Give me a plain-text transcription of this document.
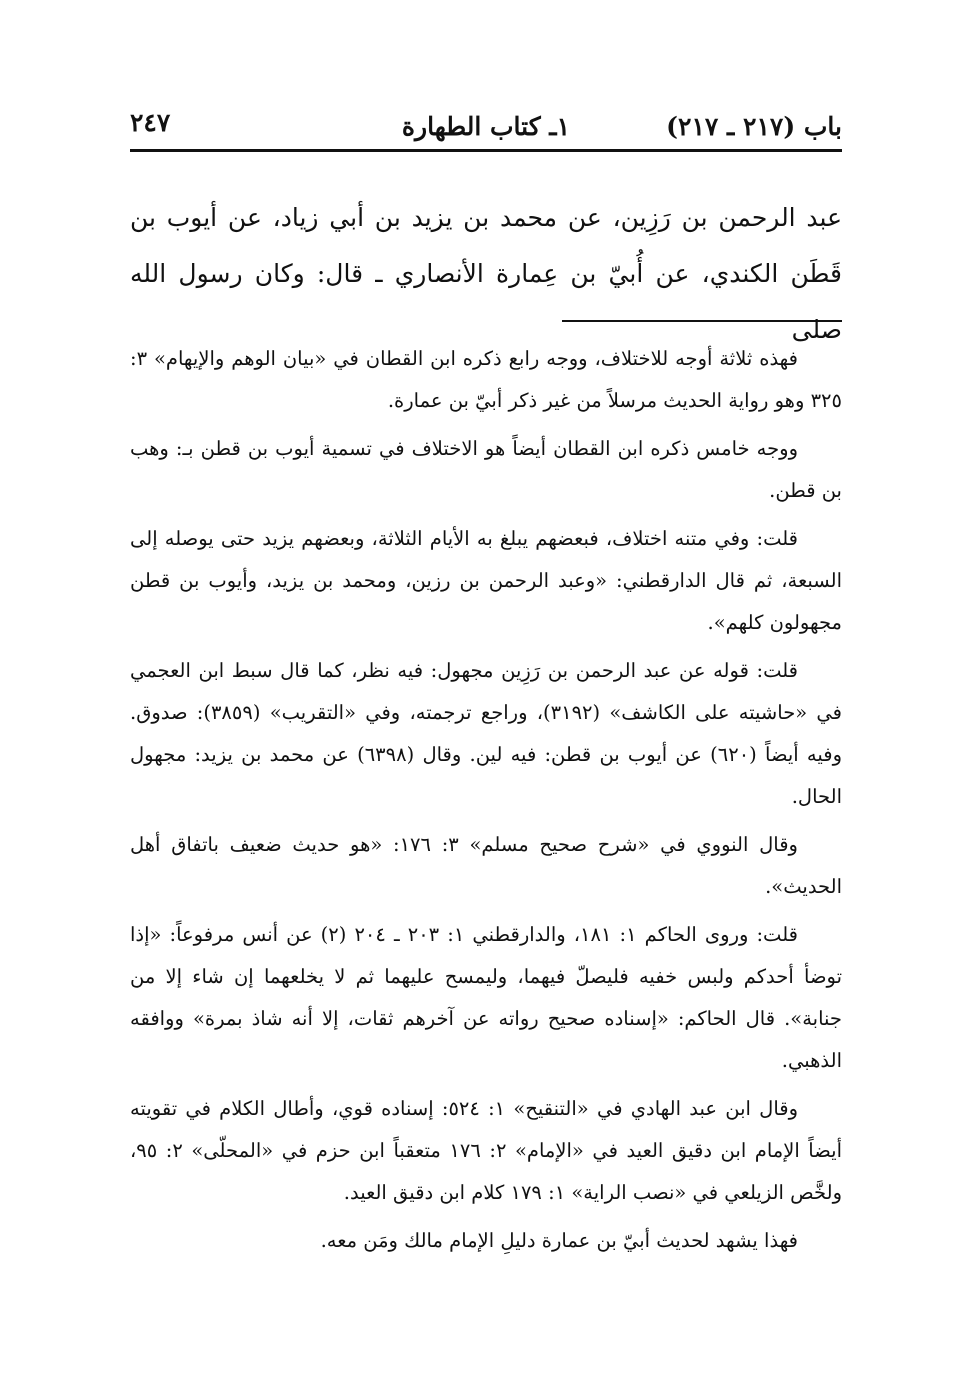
باب (٢١٧ ـ ٢١٧)
١ـ كتاب الطهارة
٢٤٧
عبد الرحمن بن رَزِين، عن محمد بن يزيد بن أبي زياد، عن أيوب بن قَطَن الكندي، عن أُبيّ بن عِمارة الأنصاري ـ قال: وكان رسول الله صلى

فهذه ثلاثة أوجه للاختلاف، ووجه رابع ذكره ابن القطان في «بيان الوهم والإيهام» ٣: ٣٢٥ وهو رواية الحديث مرسلاً من غير ذكر أبيّ بن عمارة.

ووجه خامس ذكره ابن القطان أيضاً هو الاختلاف في تسمية أيوب بن قطن بـ: وهب بن قطن.

قلت: وفي متنه اختلاف، فبعضهم يبلغ به الأيام الثلاثة، وبعضهم يزيد حتى يوصله إلى السبعة، ثم قال الدارقطني: «وعبد الرحمن بن رزين، ومحمد بن يزيد، وأيوب بن قطن مجهولون كلهم».

قلت: قوله عن عبد الرحمن بن رَزِين مجهول: فيه نظر، كما قال سبط ابن العجمي في «حاشيته على الكاشف» (٣١٩٢)، وراجع ترجمته، وفي «التقريب» (٣٨٥٩): صدوق. وفيه أيضاً (٦٢٠) عن أيوب بن قطن: فيه لين. وقال (٦٣٩٨) عن محمد بن يزيد: مجهول الحال.

وقال النووي في «شرح صحيح مسلم» ٣: ١٧٦: «هو حديث ضعيف باتفاق أهل الحديث».

قلت: وروى الحاكم ١: ١٨١، والدارقطني ١: ٢٠٣ ـ ٢٠٤ (٢) عن أنس مرفوعاً: «إذا توضأ أحدكم ولبس خفيه فليصلّ فيهما، وليمسح عليهما ثم لا يخلعهما إن شاء إلا من جنابة». قال الحاكم: «إسناده صحيح رواته عن آخرهم ثقات، إلا أنه شاذ بمرة» ووافقه الذهبي.

وقال ابن عبد الهادي في «التنقيح» ١: ٥٢٤: إسناده قوي، وأطال الكلام في تقويته أيضاً الإمام ابن دقيق العيد في «الإمام» ٢: ١٧٦ متعقباً ابن حزم في «المحلّى» ٢: ٩٥، ولخَّص الزيلعي في «نصب الراية» ١: ١٧٩ كلام ابن دقيق العيد.

فهذا يشهد لحديث أبيّ بن عمارة دليلِ الإمام مالك ومَن معه.
